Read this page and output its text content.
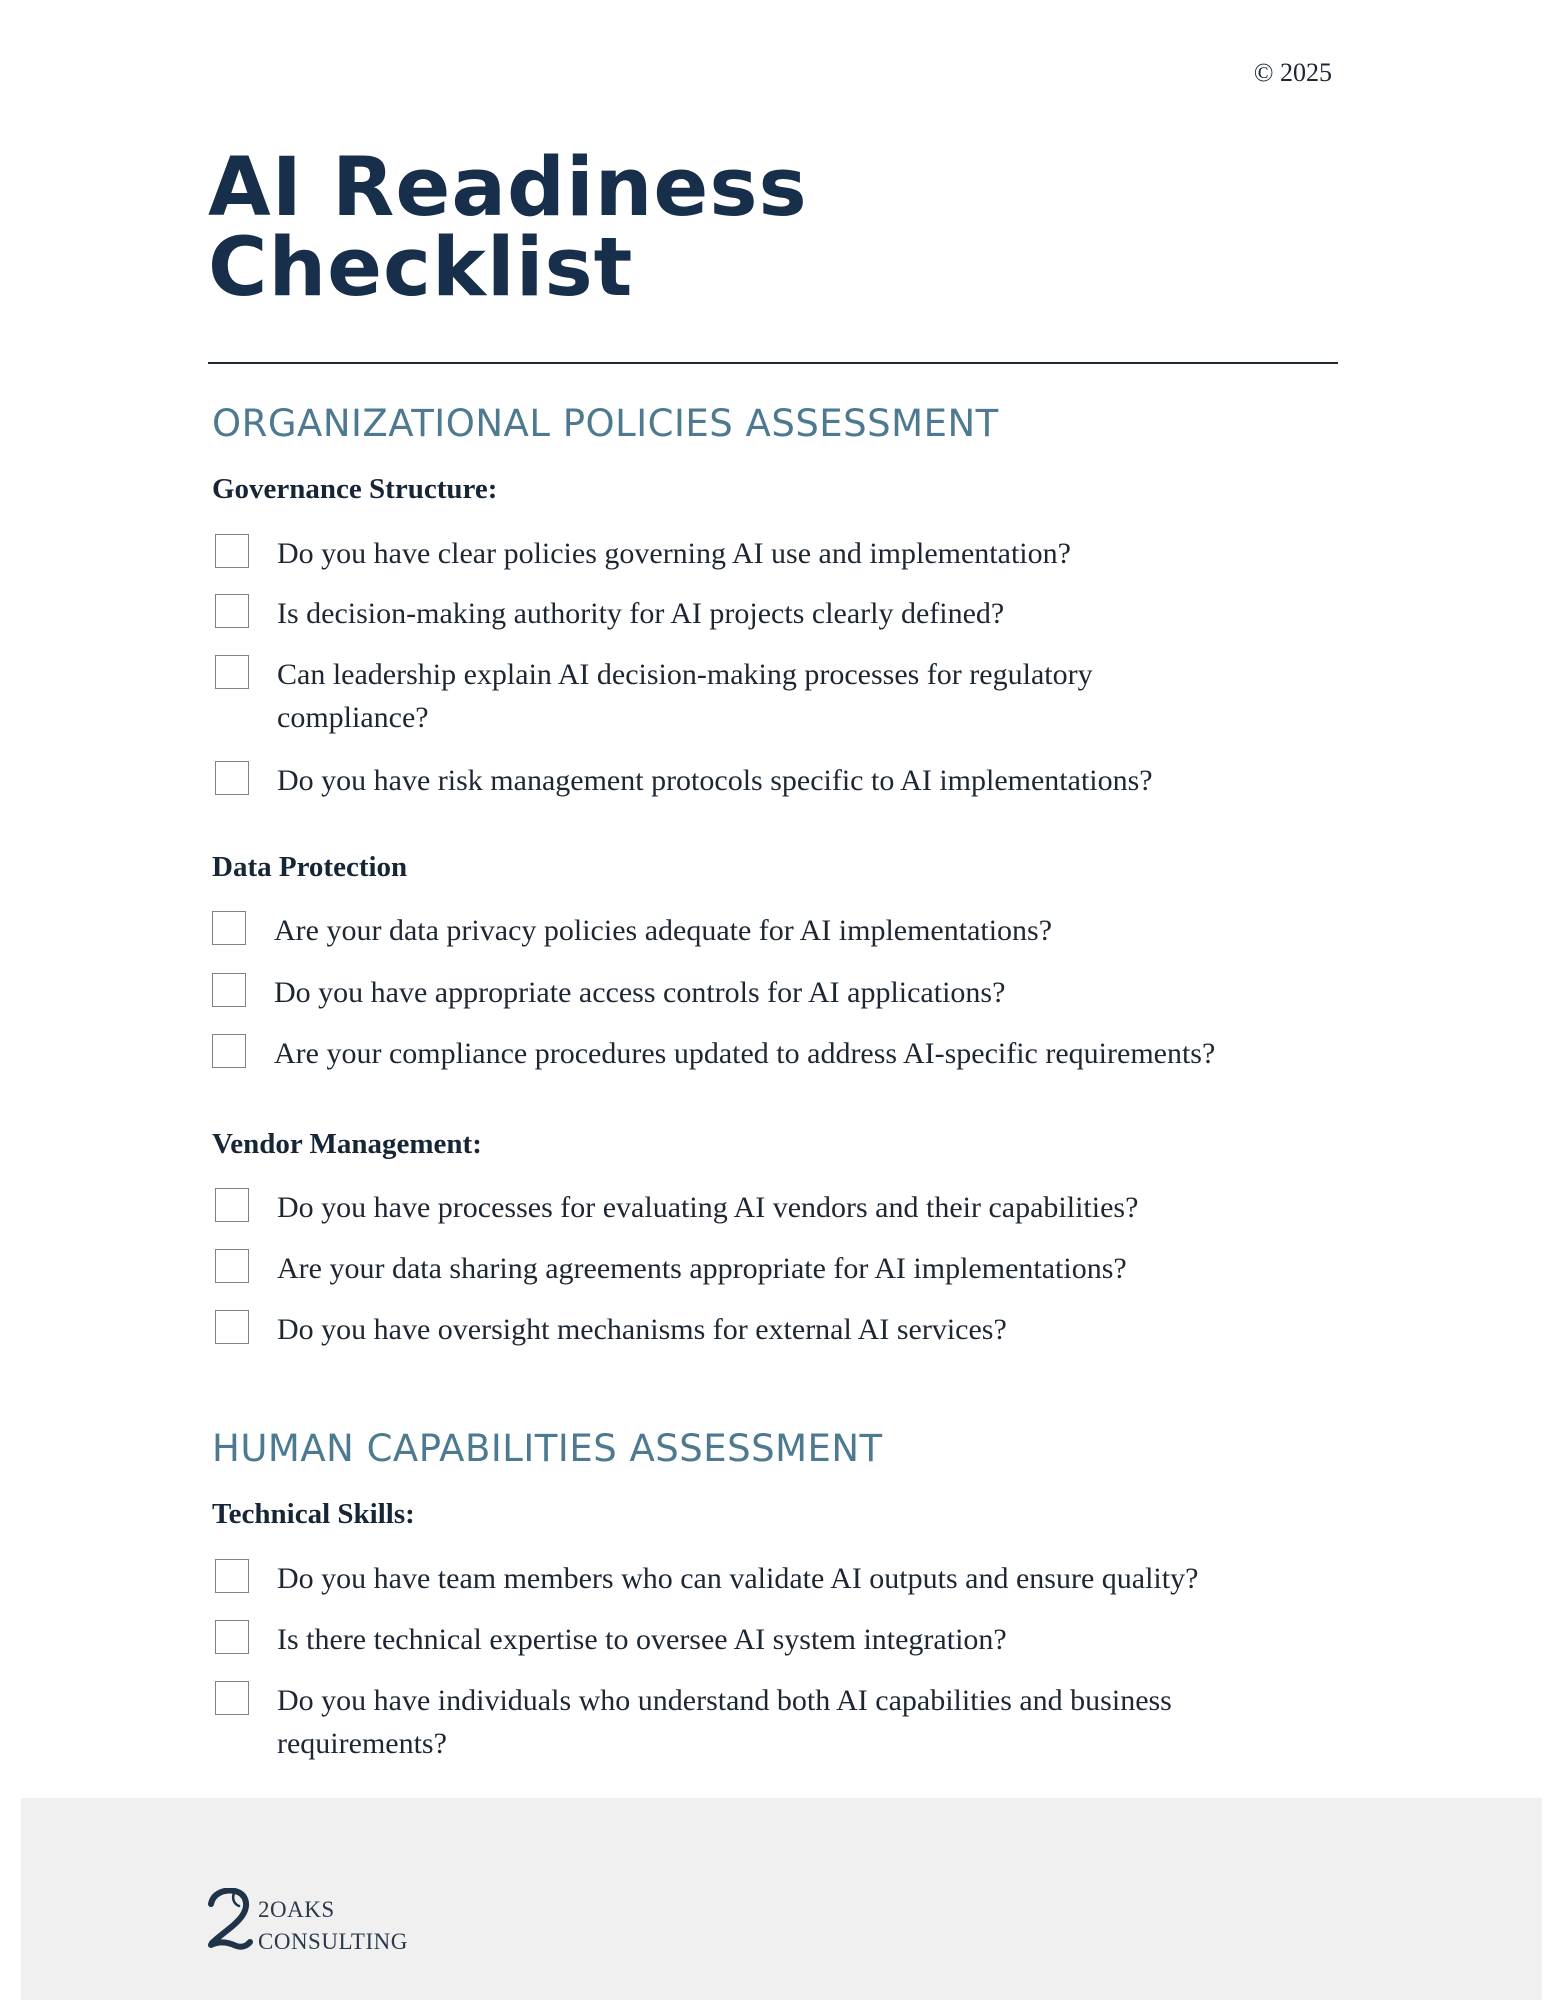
© 2025
AI Readiness
Checklist
ORGANIZATIONAL POLICIES ASSESSMENT

Governance Structure:

Do you have clear policies governing AI use and implementation?
Is decision-making authority for AI projects clearly defined?
Can leadership explain AI decision-making processes for regulatory compliance?
Do you have risk management protocols specific to AI implementations?

Data Protection

Are your data privacy policies adequate for AI implementations?
Do you have appropriate access controls for AI applications?
Are your compliance procedures updated to address AI-specific requirements?

Vendor Management:

Do you have processes for evaluating AI vendors and their capabilities?
Are your data sharing agreements appropriate for AI implementations?
Do you have oversight mechanisms for external AI services?
HUMAN CAPABILITIES ASSESSMENT

Technical Skills:

Do you have team members who can validate AI outputs and ensure quality?
Is there technical expertise to oversee AI system integration?
Do you have individuals who understand both AI capabilities and business requirements?
2OAKS
CONSULTING
